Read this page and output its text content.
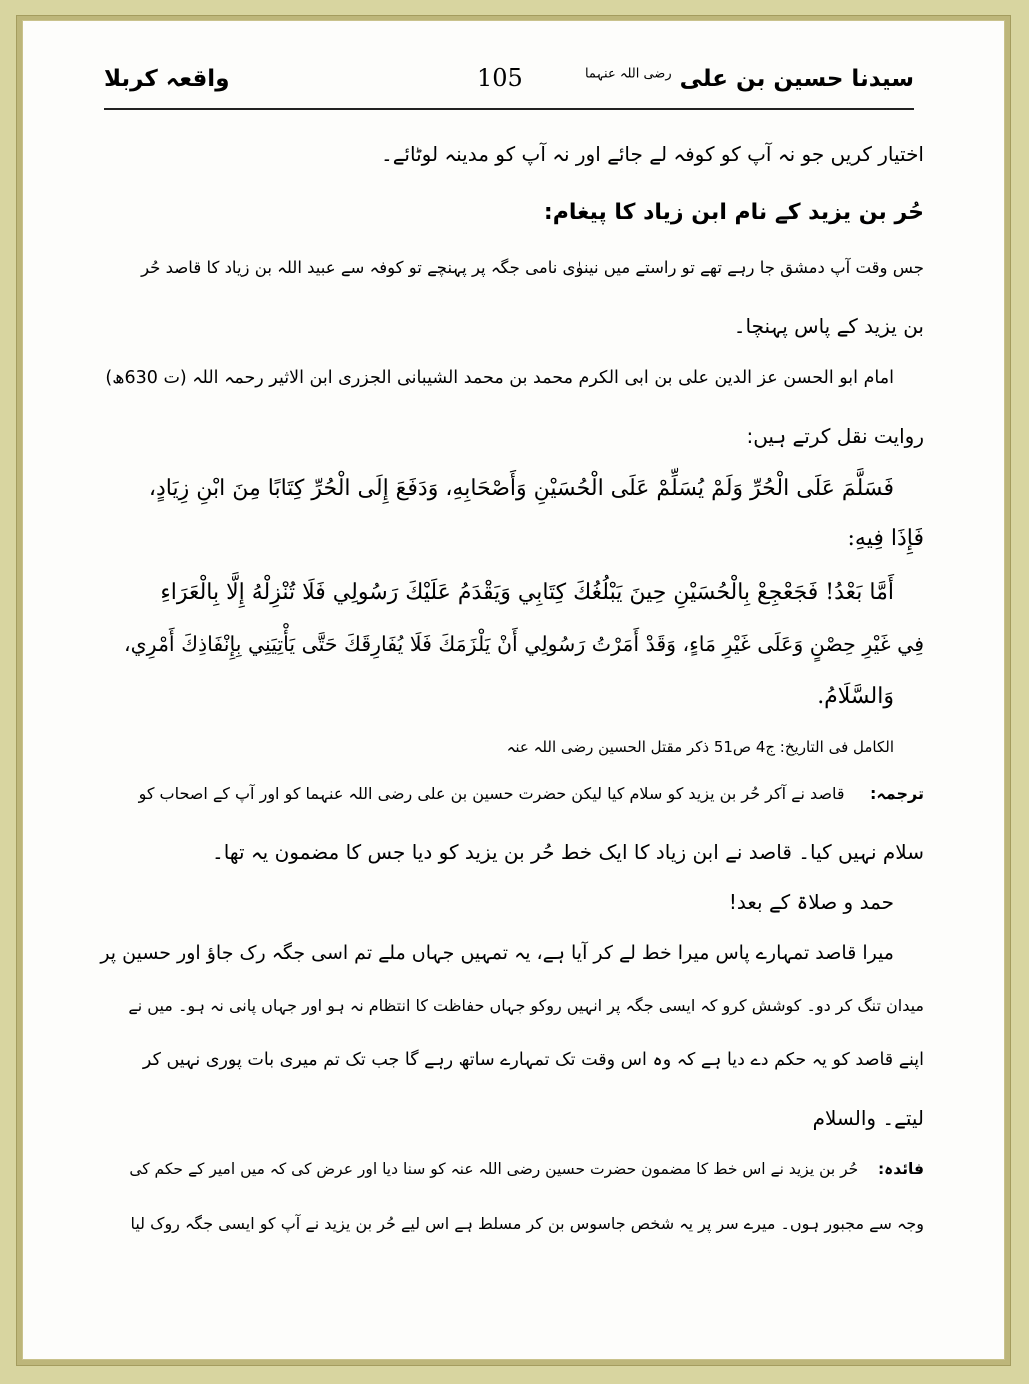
سیدنا حسین بن علی $^{رضی اللہ عنہما}$
105
واقعہ کربلا
اختیار کریں جو نہ آپ کو کوفہ لے جائے اور نہ آپ کو مدینہ لوٹائے۔
حُر بن یزید کے نام ابن زیاد کا پیغام:
جس وقت آپ دمشق جا رہے تھے تو راستے میں نینوٰی نامی جگہ پر پہنچے تو کوفہ سے عبید اللہ بن زیاد کا قاصد حُر
بن یزید کے پاس پہنچا۔
امام ابو الحسن عز الدین علی بن ابی الکرم محمد بن محمد الشیبانی الجزری ابن الاثیر رحمہ اللہ (ت 630ھ)
روایت نقل کرتے ہیں:
فَسَلَّمَ عَلَى الْحُرِّ وَلَمْ يُسَلِّمْ عَلَى الْحُسَيْنِ وَأَصْحَابِهِ، وَدَفَعَ إِلَى الْحُرِّ كِتَابًا مِنَ ابْنِ زِيَادٍ،
فَإِذَا فِيهِ:
أَمَّا بَعْدُ! فَجَعْجِعْ بِالْحُسَيْنِ حِينَ يَبْلُغُكَ كِتَابِي وَيَقْدَمُ عَلَيْكَ رَسُولِي فَلَا تُنْزِلْهُ إِلَّا بِالْعَرَاءِ
فِي غَيْرِ حِصْنٍ وَعَلَى غَيْرِ مَاءٍ، وَقَدْ أَمَرْتُ رَسُولِي أَنْ يَلْزَمَكَ فَلَا يُفَارِقَكَ حَتَّى يَأْتِيَنِي بِإِنْفَاذِكَ أَمْرِي،
وَالسَّلَامُ.
الکامل فی التاریخ: ج4 ص51 ذکر مقتل الحسین رضی اللہ عنہ
ترجمہ:     قاصد نے آکر حُر بن یزید کو سلام کیا لیکن حضرت حسین بن علی رضی اللہ عنہما کو اور آپ کے اصحاب کو
سلام نہیں کیا۔ قاصد نے ابن زیاد کا ایک خط حُر بن یزید کو دیا جس کا مضمون یہ تھا۔
حمد و صلاۃ کے بعد!
میرا قاصد تمہارے پاس میرا خط لے کر آیا ہے، یہ تمہیں جہاں ملے تم اسی جگہ رک جاؤ اور حسین پر
میدان تنگ کر دو۔ کوشش کرو کہ ایسی جگہ پر انہیں روکو جہاں حفاظت کا انتظام نہ ہو اور جہاں پانی نہ ہو۔ میں نے
اپنے قاصد کو یہ حکم دے دیا ہے کہ وہ اس وقت تک تمہارے ساتھ رہے گا جب تک تم میری بات پوری نہیں کر
لیتے۔ والسلام
فائدہ:    حُر بن یزید نے اس خط کا مضمون حضرت حسین رضی اللہ عنہ کو سنا دیا اور عرض کی کہ میں امیر کے حکم کی
وجہ سے مجبور ہوں۔ میرے سر پر یہ شخص جاسوس بن کر مسلط ہے اس لیے حُر بن یزید نے آپ کو ایسی جگہ روک لیا
